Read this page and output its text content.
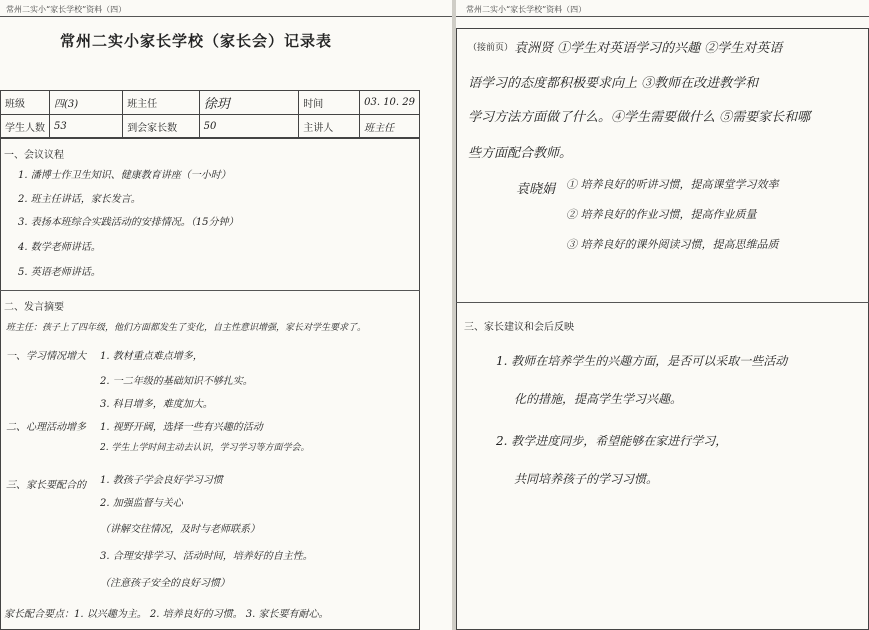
常州二实小“家长学校”资料（四）
常州二实小家长学校（家长会）记录表
班级	四(3)	班主任	徐玥	时间	03. 10. 29
学生人数	53	到会家长数	50	主讲人	班主任
一、会议议程
1. 潘博士作卫生知识、健康教育讲座（一小时）
2. 班主任讲话，家长发言。
3. 表扬本班综合实践活动的安排情况。（15分钟）
4. 数学老师讲话。
5. 英语老师讲话。
二、发言摘要
班主任：孩子上了四年级，他们方面都发生了变化，自主性意识增强，家长对学生要求了。
一、学习情况增大 1. 教材重点难点增多，
2. 一二年级的基础知识不够扎实。
3. 科目增多，难度加大。
二、心理活动增多 1. 视野开阔，选择一些有兴趣的活动
2. 学生上学时间主动去认识，学习学习等方面学会。
三、家长要配合的 1. 教孩子学会良好学习习惯
2. 加强监督与关心
（讲解交往情况，及时与老师联系）
3. 合理安排学习、活动时间，培养好的自主性。
（注意孩子安全的良好习惯）
家长配合要点：1. 以兴趣为主。 2. 培养良好的习惯。 3. 家长要有耐心。
常州二实小“家长学校”资料（四）
（接前页） 袁洲贤 ①学生对英语学习的兴趣 ②学生对英语
语学习的态度都积极要求向上 ③教师在改进教学和
学习方法方面做了什么。④学生需要做什么 ⑤需要家长和哪
些方面配合教师。
袁晓娟 ① 培养良好的听讲习惯，提高课堂学习效率
② 培养良好的作业习惯，提高作业质量
③ 培养良好的课外阅读习惯，提高思维品质
三、家长建议和会后反映
1. 教师在培养学生的兴趣方面，是否可以采取一些活动
化的措施，提高学生学习兴趣。
2. 教学进度同步，希望能够在家进行学习，
共同培养孩子的学习习惯。
